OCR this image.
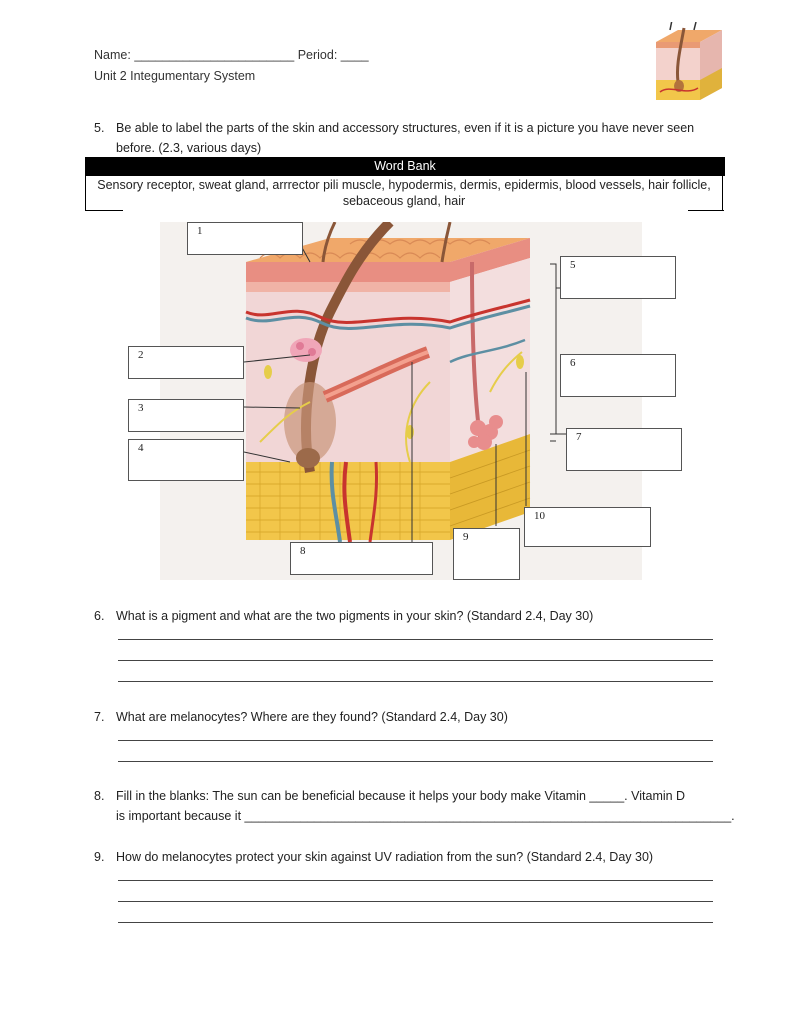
Name: _______________________ Period: ____
Unit 2 Integumentary System
5. Be able to label the parts of the skin and accessory structures, even if it is a picture you have never seen before. (2.3, various days)
Word Bank
Sensory receptor, sweat gland, arrrector pili muscle, hypodermis, dermis, epidermis, blood vessels, hair follicle, sebaceous gland, hair
1
2
3
4
5
6
7
8
9
10
6. What is a pigment and what are the two pigments in your skin? (Standard 2.4, Day 30)
7. What are melanocytes? Where are they found? (Standard 2.4, Day 30)
8. Fill in the blanks: The sun can be beneficial because it helps your body make Vitamin _____. Vitamin D
is important because it ______________________________________________________________________.
9. How do melanocytes protect your skin against UV radiation from the sun? (Standard 2.4, Day 30)
